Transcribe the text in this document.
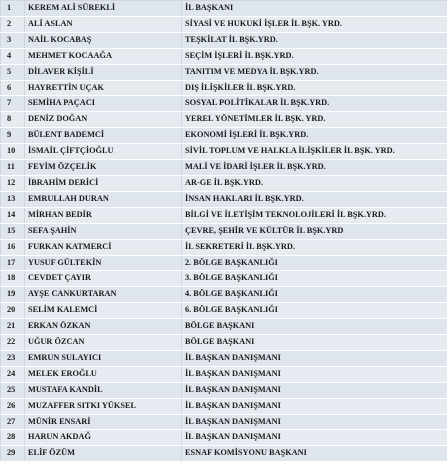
1	KEREM ALİ SÜREKLİ	İL BAŞKANI
2	ALİ ASLAN	SİYASİ VE HUKUKİ İŞLER İL BŞK. YRD.
3	NAİL KOCABAŞ	TEŞKİLAT İL BŞK.YRD.
4	MEHMET KOCAAĞA	SEÇİM İŞLERİ İL BŞK.YRD.
5	DİLAVER KİŞİLİ	TANITIM VE MEDYA İL BŞK.YRD.
6	HAYRETTİN UÇAK	DIŞ İLİŞKİLER İL BŞK.YRD.
7	SEMİHA PAÇACI	SOSYAL POLİTİKALAR İL BŞK.YRD.
8	DENİZ DOĞAN	YEREL YÖNETİMLER İL BŞK. YRD.
9	BÜLENT BADEMCİ	EKONOMİ İŞLERİ İL BŞK.YRD.
10	İSMAİL ÇİFTÇİOĞLU	SİVİL TOPLUM VE HALKLA İLİŞKİLER İL BŞK. YRD.
11	FEYİM ÖZÇELİK	MALİ VE İDARİ İŞLER İL BŞK.YRD.
12	İBRAHİM DERİCİ	AR-GE İL BŞK.YRD.
13	EMRULLAH DURAN	İNSAN HAKLARI İL BŞK.YRD.
14	MİRHAN BEDİR	BİLGİ VE İLETİŞİM TEKNOLOJİLERİ İL BŞK.YRD.
15	SEFA ŞAHİN	ÇEVRE, ŞEHİR VE KÜLTÜR İL BŞK.YRD
16	FURKAN KATMERCİ	İL SEKRETERİ İL BŞK.YRD.
17	YUSUF GÜLTEKİN	2. BÖLGE BAŞKANLIĞI
18	CEVDET ÇAYIR	3. BÖLGE BAŞKANLIĞI
19	AYŞE CANKURTARAN	4. BÖLGE BAŞKANLIĞI
20	SELİM KALEMCİ	6. BÖLGE BAŞKANLIĞI
21	ERKAN ÖZKAN	BÖLGE BAŞKANI
22	UĞUR ÖZCAN	BÖLGE BAŞKANI
23	EMRUN SULAYICI	İL BAŞKAN DANIŞMANI
24	MELEK EROĞLU	İL BAŞKAN DANIŞMANI
25	MUSTAFA KANDİL	İL BAŞKAN DANIŞMANI
26	MUZAFFER SITKI YÜKSEL	İL BAŞKAN DANIŞMANI
27	MÜNİR ENSARİ	İL BAŞKAN DANIŞMANI
28	HARUN AKDAĞ	İL BAŞKAN DANIŞMANI
29	ELİF ÖZÜM	ESNAF KOMİSYONU BAŞKANI
